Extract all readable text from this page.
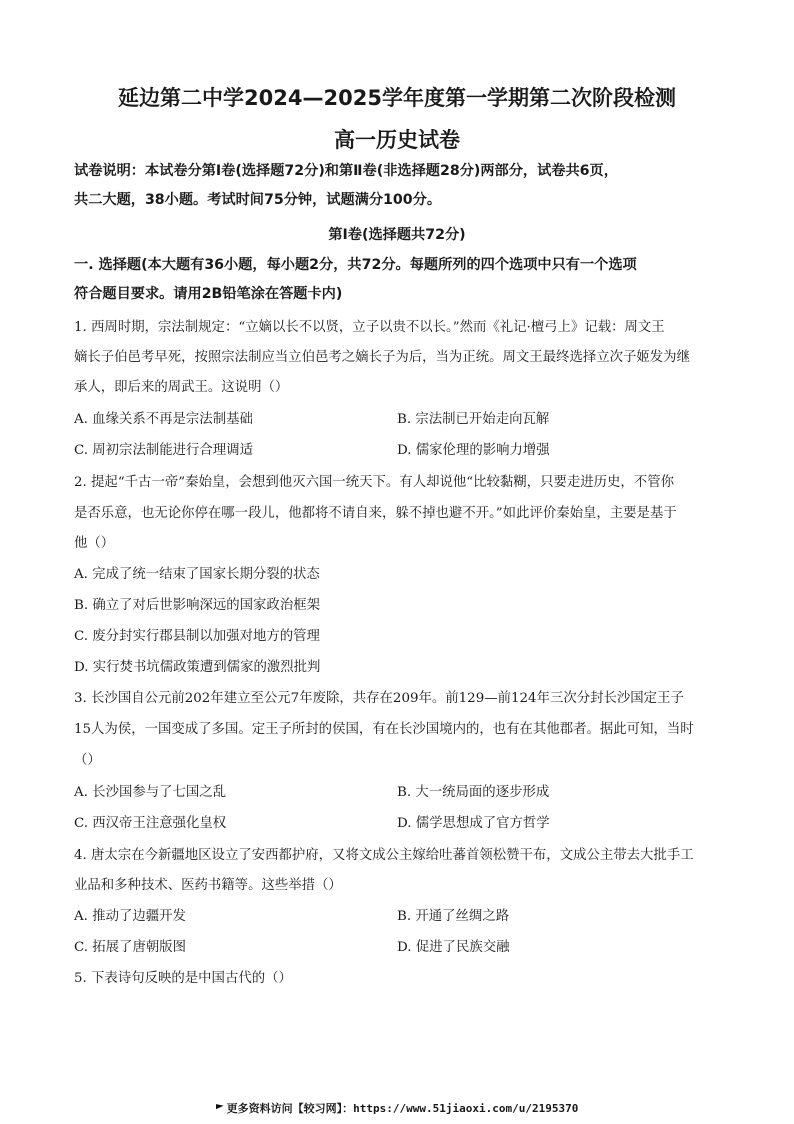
延边第二中学2024—2025学年度第一学期第二次阶段检测
高一历史试卷
试卷说明：本试卷分第Ⅰ卷(选择题72分)和第Ⅱ卷(非选择题28分)两部分，试卷共6页，
共二大题，38小题。考试时间75分钟，试题满分100分。
第Ⅰ卷(选择题共72分)
一. 选择题(本大题有36小题，每小题2分，共72分。每题所列的四个选项中只有一个选项
符合题目要求。请用2B铅笔涂在答题卡内)
1. 西周时期，宗法制规定：“立嫡以长不以贤，立子以贵不以长。”然而《礼记·檀弓上》记载：周文王
嫡长子伯邑考早死，按照宗法制应当立伯邑考之嫡长子为后，当为正统。周文王最终选择立次子姬发为继
承人，即后来的周武王。这说明（）
A. 血缘关系不再是宗法制基础	B. 宗法制已开始走向瓦解
C. 周初宗法制能进行合理调适	D. 儒家伦理的影响力增强
2. 提起“千古一帝”秦始皇，会想到他灭六国一统天下。有人却说他“比较黏糊，只要走进历史，不管你
是否乐意，也无论你停在哪一段儿，他都将不请自来，躲不掉也避不开。”如此评价秦始皇，主要是基于
他（）
A. 完成了统一结束了国家长期分裂的状态
B. 确立了对后世影响深远的国家政治框架
C. 废分封实行郡县制以加强对地方的管理
D. 实行焚书坑儒政策遭到儒家的激烈批判
3. 长沙国自公元前202年建立至公元7年废除，共存在209年。前129—前124年三次分封长沙国定王子
15人为侯，一国变成了多国。定王子所封的侯国，有在长沙国境内的，也有在其他郡者。据此可知，当时
（）
A. 长沙国参与了七国之乱	B. 大一统局面的逐步形成
C. 西汉帝王注意强化皇权	D. 儒学思想成了官方哲学
4. 唐太宗在今新疆地区设立了安西都护府，又将文成公主嫁给吐蕃首领松赞干布，文成公主带去大批手工
业品和多种技术、医药书籍等。这些举措（）
A. 推动了边疆开发	B. 开通了丝绸之路
C. 拓展了唐朝版图	D. 促进了民族交融
5. 下表诗句反映的是中国古代的（）
更多资料访问【较习网】：https://www.51jiaoxi.com/u/2195370
